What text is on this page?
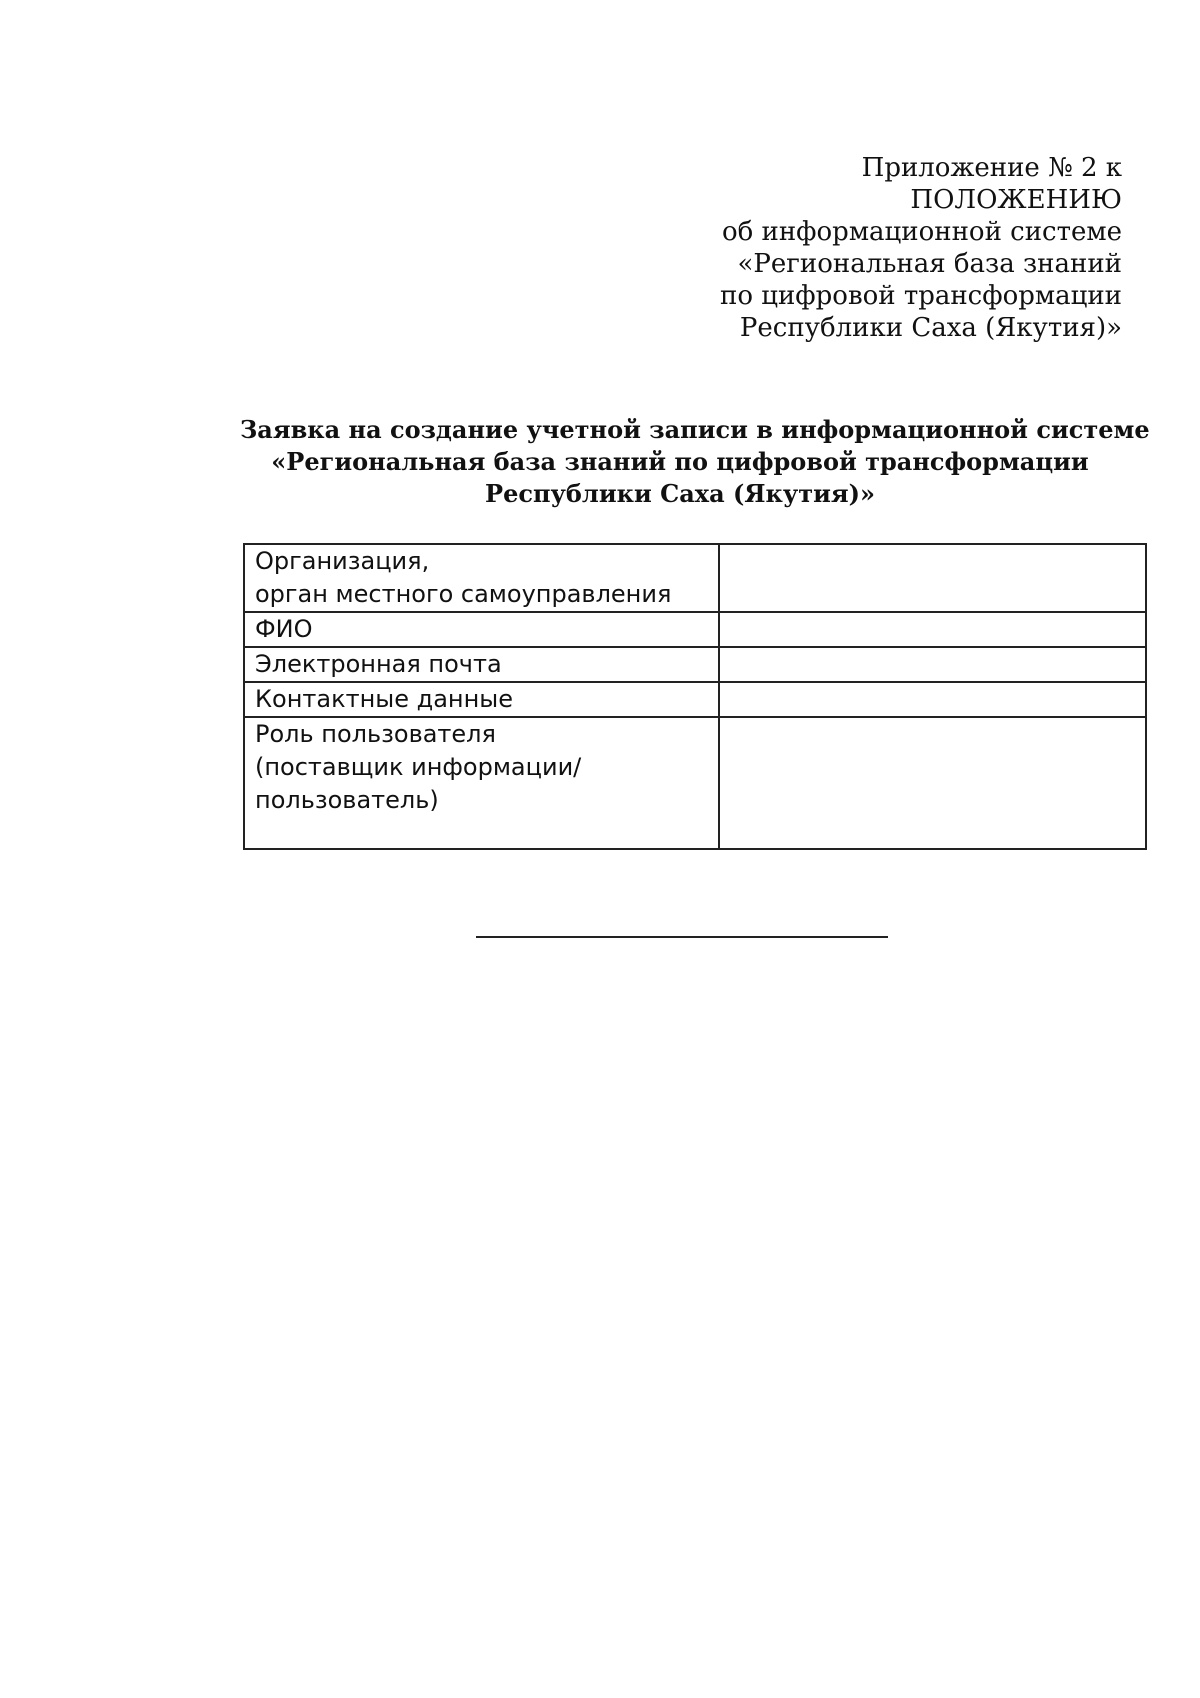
Приложение № 2 к
ПОЛОЖЕНИЮ
об информационной системе
«Региональная база знаний
по цифровой трансформации
Республики Саха (Якутия)»
Заявка на создание учетной записи в информационной системе
«Региональная база знаний по цифровой трансформации
Республики Саха (Якутия)»
Организация,
орган местного самоуправления	

ФИО	

Электронная почта	

Контактные данные	

Роль пользователя
(поставщик информации/
пользователь)	
